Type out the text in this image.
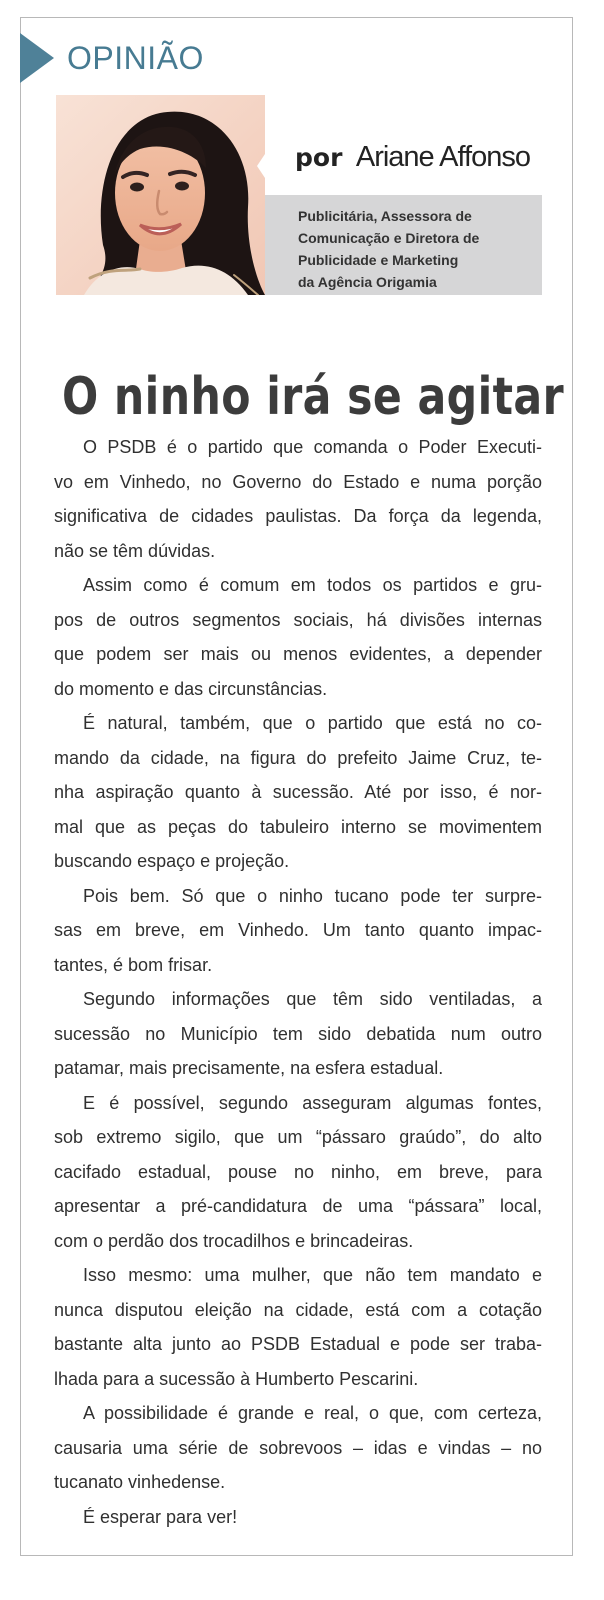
OPINIÃO
por Ariane Affonso
Publicitária, Assessora de
Comunicação e Diretora de
Publicidade e Marketing
da Agência Origamia
O ninho irá se agitar

O PSDB é o partido que comanda o Poder Executi-
vo em Vinhedo, no Governo do Estado e numa porção
significativa de cidades paulistas. Da força da legenda,
não se têm dúvidas.

Assim como é comum em todos os partidos e gru-
pos de outros segmentos sociais, há divisões internas
que podem ser mais ou menos evidentes, a depender
do momento e das circunstâncias.

É natural, também, que o partido que está no co-
mando da cidade, na figura do prefeito Jaime Cruz, te-
nha aspiração quanto à sucessão. Até por isso, é nor-
mal que as peças do tabuleiro interno se movimentem
buscando espaço e projeção.

Pois bem. Só que o ninho tucano pode ter surpre-
sas em breve, em Vinhedo. Um tanto quanto impac-
tantes, é bom frisar.

Segundo informações que têm sido ventiladas, a
sucessão no Município tem sido debatida num outro
patamar, mais precisamente, na esfera estadual.

E é possível, segundo asseguram algumas fontes,
sob extremo sigilo, que um “pássaro graúdo”, do alto
cacifado estadual, pouse no ninho, em breve, para
apresentar a pré-candidatura de uma “pássara” local,
com o perdão dos trocadilhos e brincadeiras.

Isso mesmo: uma mulher, que não tem mandato e
nunca disputou eleição na cidade, está com a cotação
bastante alta junto ao PSDB Estadual e pode ser traba-
lhada para a sucessão à Humberto Pescarini.

A possibilidade é grande e real, o que, com certeza,
causaria uma série de sobrevoos – idas e vindas – no
tucanato vinhedense.

É esperar para ver!
